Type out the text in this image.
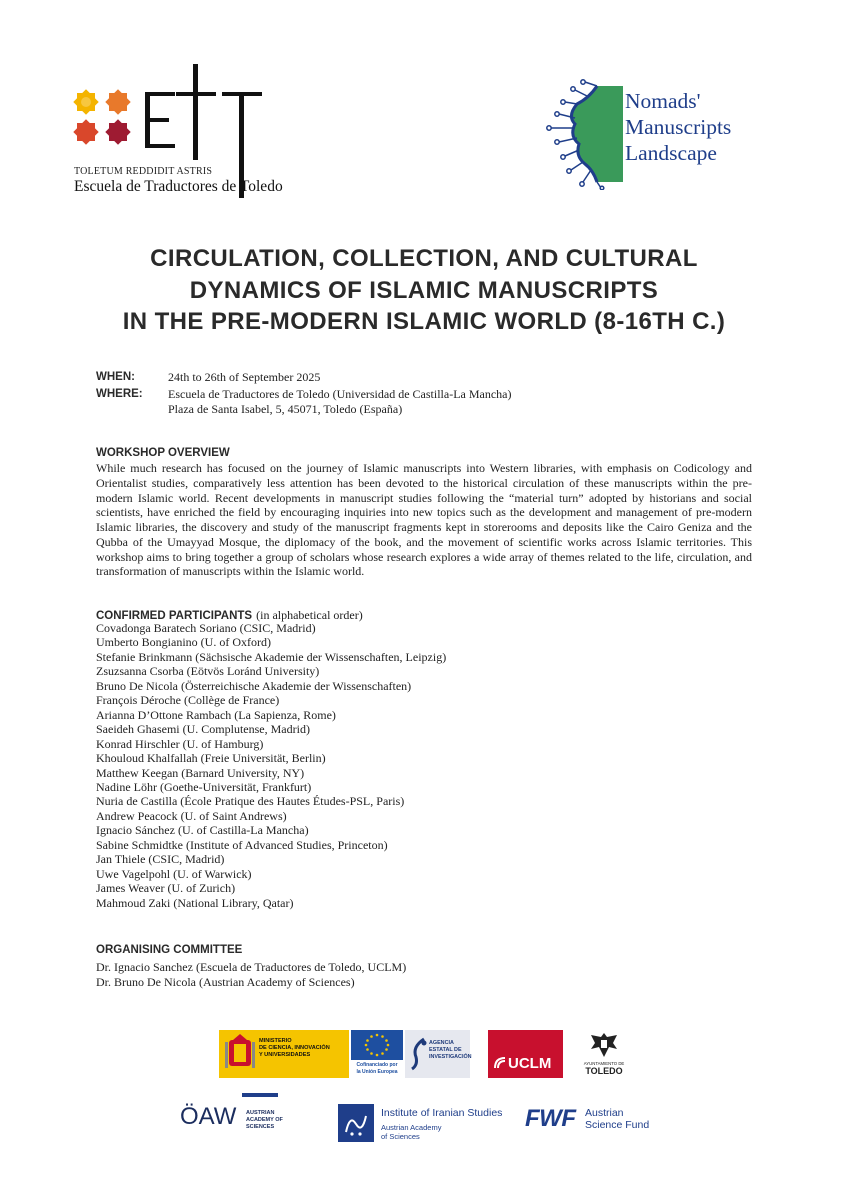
TOLETUM REDDIDIT ASTRIS
Escuela de Traductores de Toledo
Nomads'
Manuscripts
Landscape
CIRCULATION, COLLECTION, AND CULTURAL
DYNAMICS OF ISLAMIC MANUSCRIPTS
IN THE PRE-MODERN ISLAMIC WORLD (8-16TH C.)
WHEN:	24th to 26th of September 2025
WHERE: Escuela de Traductores de Toledo (Universidad de Castilla-La Mancha)
Plaza de Santa Isabel, 5, 45071, Toledo (España)
WORKSHOP OVERVIEW
While much research has focused on the journey of Islamic manuscripts into Western libraries, with emphasis on Codicology and Orientalist studies, comparatively less attention has been devoted to the historical circulation of these manuscripts within the pre-modern Islamic world. Recent developments in manuscript studies following the “material turn” adopted by historians and social scientists, have enriched the field by encouraging inquiries into new topics such as the development and management of pre-modern Islamic libraries, the discovery and study of the manuscript fragments kept in storerooms and deposits like the Cairo Geniza and the Qubba of the Umayyad Mosque, the diplomacy of the book, and the movement of scientific works across Islamic territories. This workshop aims to bring together a group of scholars whose research explores a wide array of themes related to the life, circulation, and transformation of manuscripts within the Islamic world.
CONFIRMED PARTICIPANTS (in alphabetical order)
Covadonga Baratech Soriano (CSIC, Madrid)
Umberto Bongianino (U. of Oxford)
Stefanie Brinkmann (Sächsische Akademie der Wissenschaften, Leipzig)
Zsuzsanna Csorba (Eötvös Loránd University)
Bruno De Nicola (Österreichische Akademie der Wissenschaften)
François Déroche (Collège de France)
Arianna D’Ottone Rambach (La Sapienza, Rome)
Saeideh Ghasemi (U. Complutense, Madrid)
Konrad Hirschler (U. of Hamburg)
Khouloud Khalfallah (Freie Universität, Berlin)
Matthew Keegan (Barnard University, NY)
Nadine Löhr (Goethe-Universität, Frankfurt)
Nuria de Castilla (École Pratique des Hautes Études-PSL, Paris)
Andrew Peacock (U. of Saint Andrews)
Ignacio Sánchez (U. of Castilla-La Mancha)
Sabine Schmidtke (Institute of Advanced Studies, Princeton)
Jan Thiele (CSIC, Madrid)
Uwe Vagelpohl (U. of Warwick)
James Weaver (U. of Zurich)
Mahmoud Zaki (National Library, Qatar)
ORGANISING COMMITTEE
Dr. Ignacio Sanchez (Escuela de Traductores de Toledo, UCLM)
Dr. Bruno De Nicola (Austrian Academy of Sciences)
MINISTERIO
DE CIENCIA, INNOVACIÓN
Y UNIVERSIDADES
Cofinanciado por
la Unión Europea
AGENCIA
ESTATAL DE
INVESTIGACIÓN UCLM	AYUNTAMIENTO DE
TOLEDO
ÖAW AUSTRIAN
ACADEMY OF
SCIENCES
Institute of Iranian Studies
Austrian Academy
of Sciences
FWF Austrian
Science Fund
